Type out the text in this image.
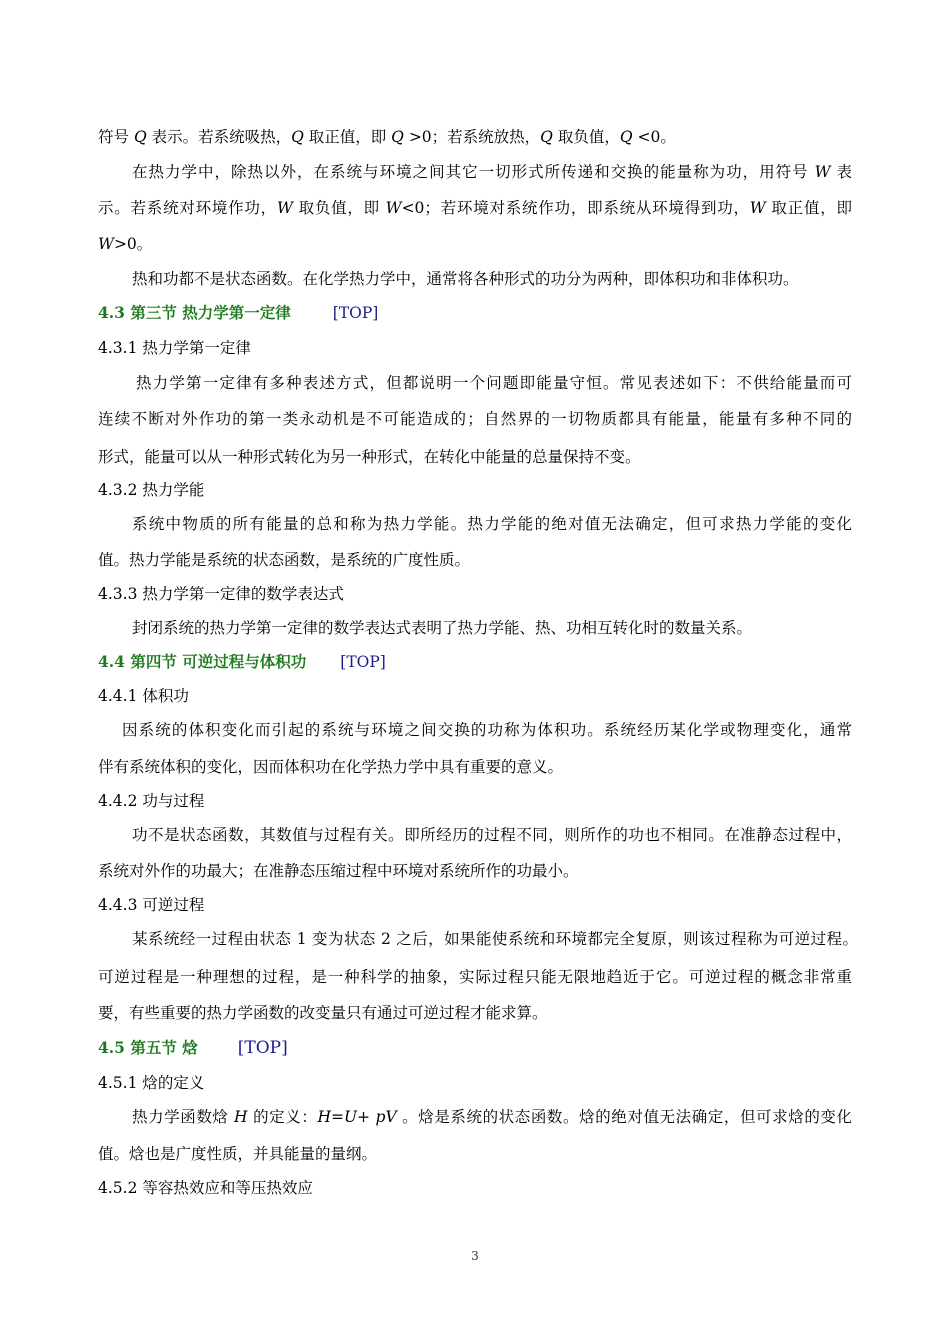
符号 Q 表示。若系统吸热，Q 取正值，即 Q >0；若系统放热，Q 取负值，Q <0。
在热力学中，除热以外，在系统与环境之间其它一切形式所传递和交换的能量称为功，用符号 W 表
示。若系统对环境作功，W 取负值，即 W<0；若环境对系统作功，即系统从环境得到功，W 取正值，即
W>0。
热和功都不是状态函数。在化学热力学中，通常将各种形式的功分为两种，即体积功和非体积功。
4.3 第三节 热力学第一定律	[TOP]
4.3.1 热力学第一定律
热力学第一定律有多种表述方式，但都说明一个问题即能量守恒。常见表述如下：不供给能量而可
连续不断对外作功的第一类永动机是不可能造成的；自然界的一切物质都具有能量，能量有多种不同的
形式，能量可以从一种形式转化为另一种形式，在转化中能量的总量保持不变。
4.3.2 热力学能
系统中物质的所有能量的总和称为热力学能。热力学能的绝对值无法确定，但可求热力学能的变化
值。热力学能是系统的状态函数，是系统的广度性质。
4.3.3 热力学第一定律的数学表达式
封闭系统的热力学第一定律的数学表达式表明了热力学能、热、功相互转化时的数量关系。
4.4 第四节 可逆过程与体积功 [TOP]
4.4.1 体积功
因系统的体积变化而引起的系统与环境之间交换的功称为体积功。系统经历某化学或物理变化，通常
伴有系统体积的变化，因而体积功在化学热力学中具有重要的意义。
4.4.2 功与过程
功不是状态函数，其数值与过程有关。即所经历的过程不同，则所作的功也不相同。在准静态过程中，
系统对外作的功最大；在准静态压缩过程中环境对系统所作的功最小。
4.4.3 可逆过程
某系统经一过程由状态 1 变为状态 2 之后，如果能使系统和环境都完全复原，则该过程称为可逆过程。
可逆过程是一种理想的过程，是一种科学的抽象，实际过程只能无限地趋近于它。可逆过程的概念非常重
要，有些重要的热力学函数的改变量只有通过可逆过程才能求算。
4.5 第五节 焓 [TOP]
4.5.1 焓的定义
热力学函数焓 H 的定义：H=U+ pV 。焓是系统的状态函数。焓的绝对值无法确定，但可求焓的变化
值。焓也是广度性质，并具能量的量纲。
4.5.2 等容热效应和等压热效应
3
